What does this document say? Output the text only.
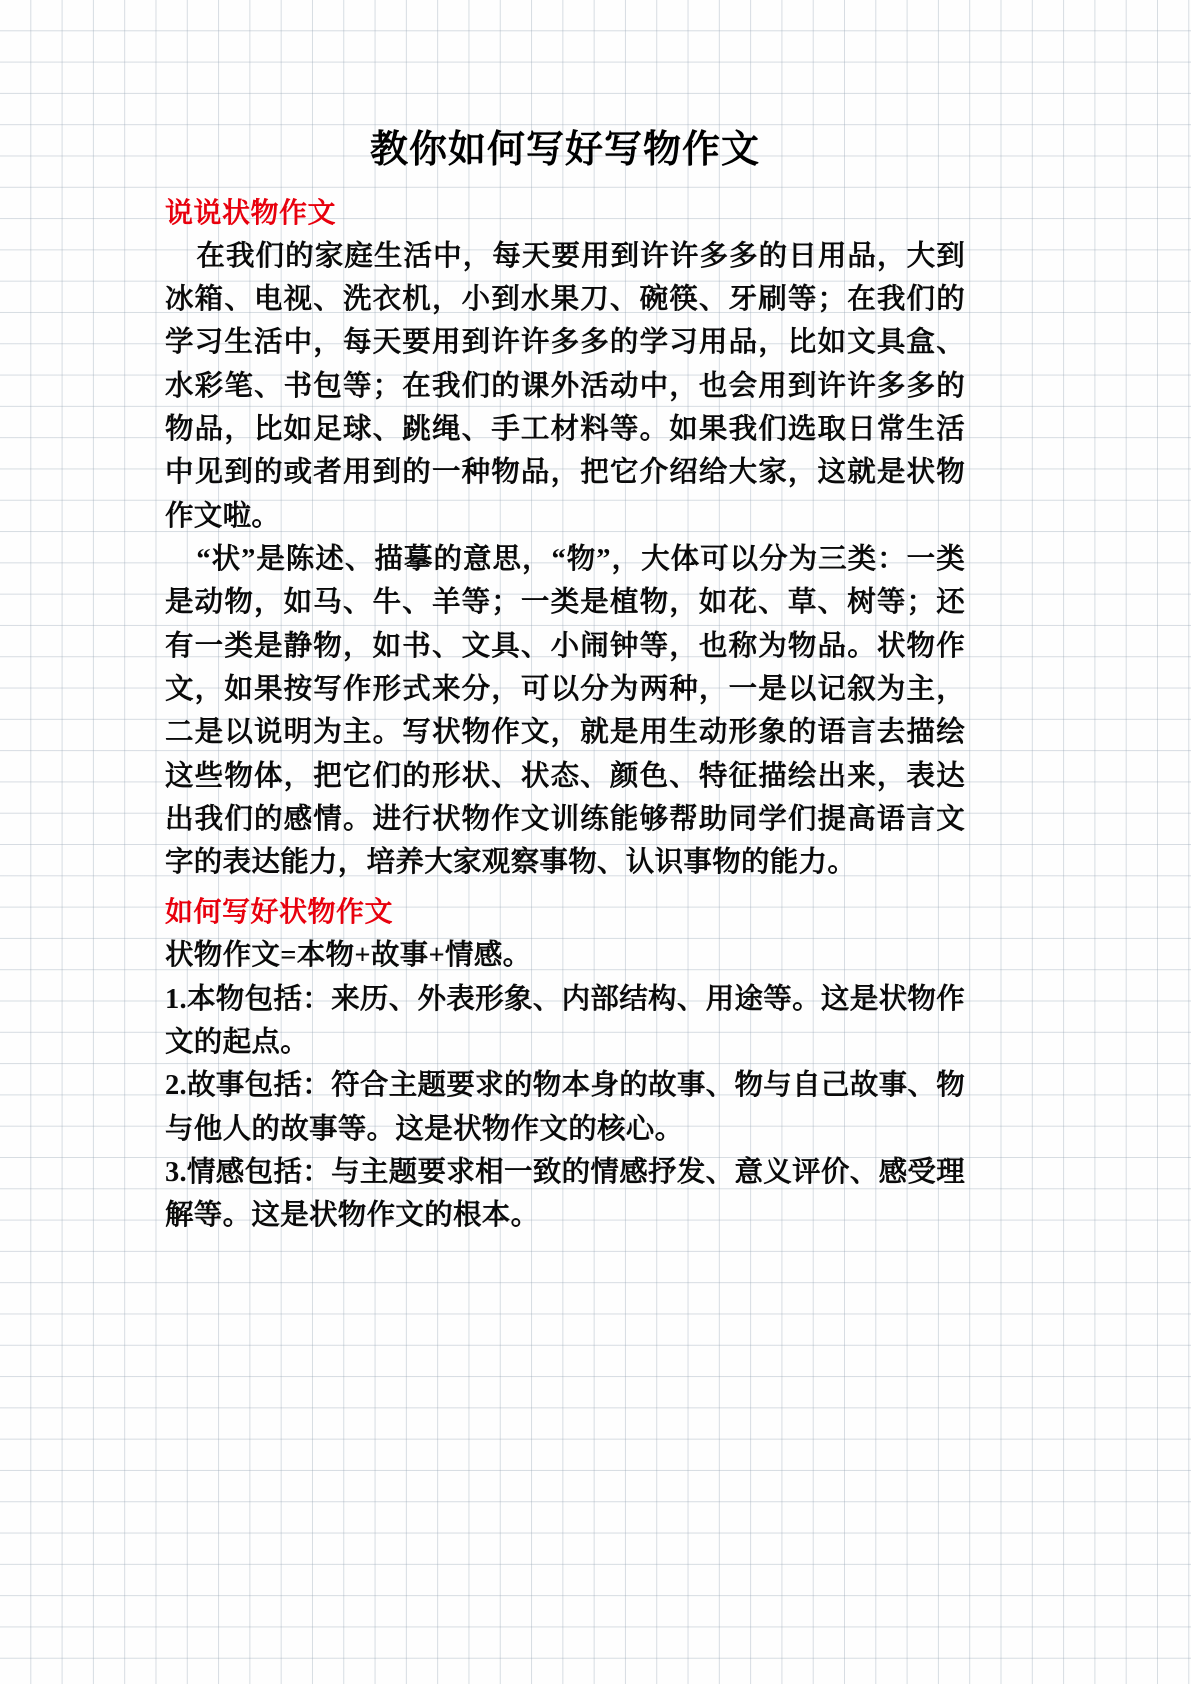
教你如何写好写物作文
说说状物作文

在我们的家庭生活中，每天要用到许许多多的日用品，大到冰箱、电视、洗衣机，小到水果刀、碗筷、牙刷等；在我们的学习生活中，每天要用到许许多多的学习用品，比如文具盒、水彩笔、书包等；在我们的课外活动中，也会用到许许多多的物品，比如足球、跳绳、手工材料等。如果我们选取日常生活中见到的或者用到的一种物品，把它介绍给大家，这就是状物作文啦。

“状”是陈述、描摹的意思，“物”，大体可以分为三类：一类是动物，如马、牛、羊等；一类是植物，如花、草、树等；还有一类是静物，如书、文具、小闹钟等，也称为物品。状物作文，如果按写作形式来分，可以分为两种，一是以记叙为主，二是以说明为主。写状物作文，就是用生动形象的语言去描绘这些物体，把它们的形状、状态、颜色、特征描绘出来，表达出我们的感情。进行状物作文训练能够帮助同学们提高语言文字的表达能力，培养大家观察事物、认识事物的能力。

如何写好状物作文

状物作文=本物+故事+情感。

1.本物包括：来历、外表形象、内部结构、用途等。这是状物作文的起点。

2.故事包括：符合主题要求的物本身的故事、物与自己故事、物与他人的故事等。这是状物作文的核心。

3.情感包括：与主题要求相一致的情感抒发、意义评价、感受理解等。这是状物作文的根本。
